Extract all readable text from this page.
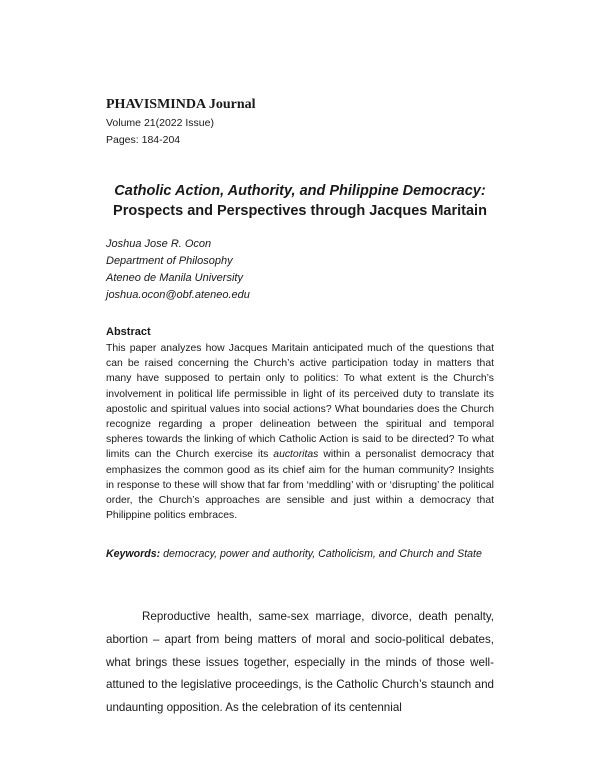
PHAVISMINDA Journal
Volume 21(2022 Issue)
Pages: 184-204
Catholic Action, Authority, and Philippine Democracy:
Prospects and Perspectives through Jacques Maritain
Joshua Jose R. Ocon
Department of Philosophy
Ateneo de Manila University
joshua.ocon@obf.ateneo.edu
Abstract
This paper analyzes how Jacques Maritain anticipated much of the questions that can be raised concerning the Church’s active participation today in matters that many have supposed to pertain only to politics: To what extent is the Church’s involvement in political life permissible in light of its perceived duty to translate its apostolic and spiritual values into social actions? What boundaries does the Church recognize regarding a proper delineation between the spiritual and temporal spheres towards the linking of which Catholic Action is said to be directed? To what limits can the Church exercise its auctoritas within a personalist democracy that emphasizes the common good as its chief aim for the human community? Insights in response to these will show that far from ‘meddling’ with or ‘disrupting’ the political order, the Church’s approaches are sensible and just within a democracy that Philippine politics embraces.
Keywords: democracy, power and authority, Catholicism, and Church and State
Reproductive health, same-sex marriage, divorce, death penalty, abortion – apart from being matters of moral and socio-political debates, what brings these issues together, especially in the minds of those well-attuned to the legislative proceedings, is the Catholic Church’s staunch and undaunting opposition. As the celebration of its centennial
